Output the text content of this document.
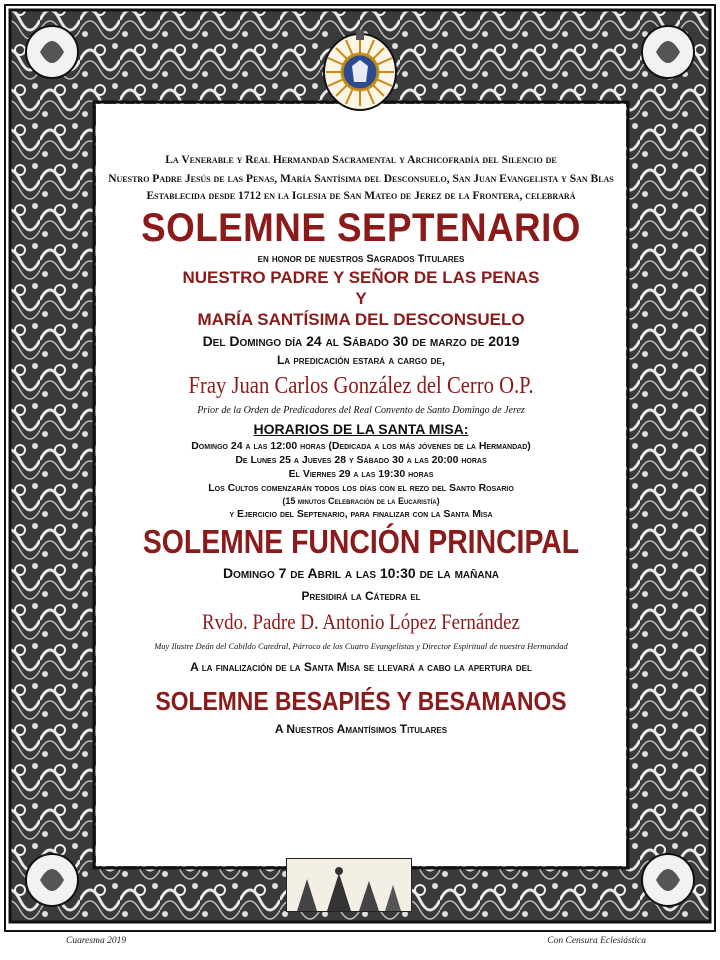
La Venerable y Real Hermandad Sacramental y Archicofradía del Silencio de
Nuestro Padre Jesús de las Penas, María Santísima del Desconsuelo, San Juan Evangelista y San Blas
Establecida desde 1712 en la Iglesia de San Mateo de Jerez de la Frontera, celebrará
SOLEMNE SEPTENARIO
en honor de nuestros Sagrados Titulares
NUESTRO PADRE Y SEÑOR DE LAS PENAS
Y
MARÍA SANTÍSIMA DEL DESCONSUELO
Del Domingo día 24 al Sábado 30 de marzo de 2019
La predicación estará a cargo de,
Fray Juan Carlos González del Cerro O.P.
Prior de la Orden de Predicadores del Real Convento de Santo Domingo de Jerez
HORARIOS DE LA SANTA MISA:
Domingo 24 a las 12:00 horas (Dedicada a los más jóvenes de la Hermandad)
De Lunes 25 a Jueves 28 y Sábado 30 a las 20:00 horas
El Viernes 29 a las 19:30 horas
Los Cultos comenzarán todos los días con el rezo del Santo Rosario
(15 minutos Celebración de la Eucaristía)
y Ejercicio del Septenario, para finalizar con la Santa Misa
SOLEMNE FUNCIÓN PRINCIPAL
Domingo 7 de Abril a las 10:30 de la mañana
Presidirá la Cátedra el
Rvdo. Padre D. Antonio López Fernández
Muy Ilustre Deán del Cabildo Catedral, Párroco de los Cuatro Evangelistas y Director Espiritual de nuestra Hermandad
A la finalización de la Santa Misa se llevará a cabo la apertura del
SOLEMNE BESAPIÉS Y BESAMANOS
A Nuestros Amantísimos Titulares
Cuaresma 2019	Con Censura Eclesiástica
